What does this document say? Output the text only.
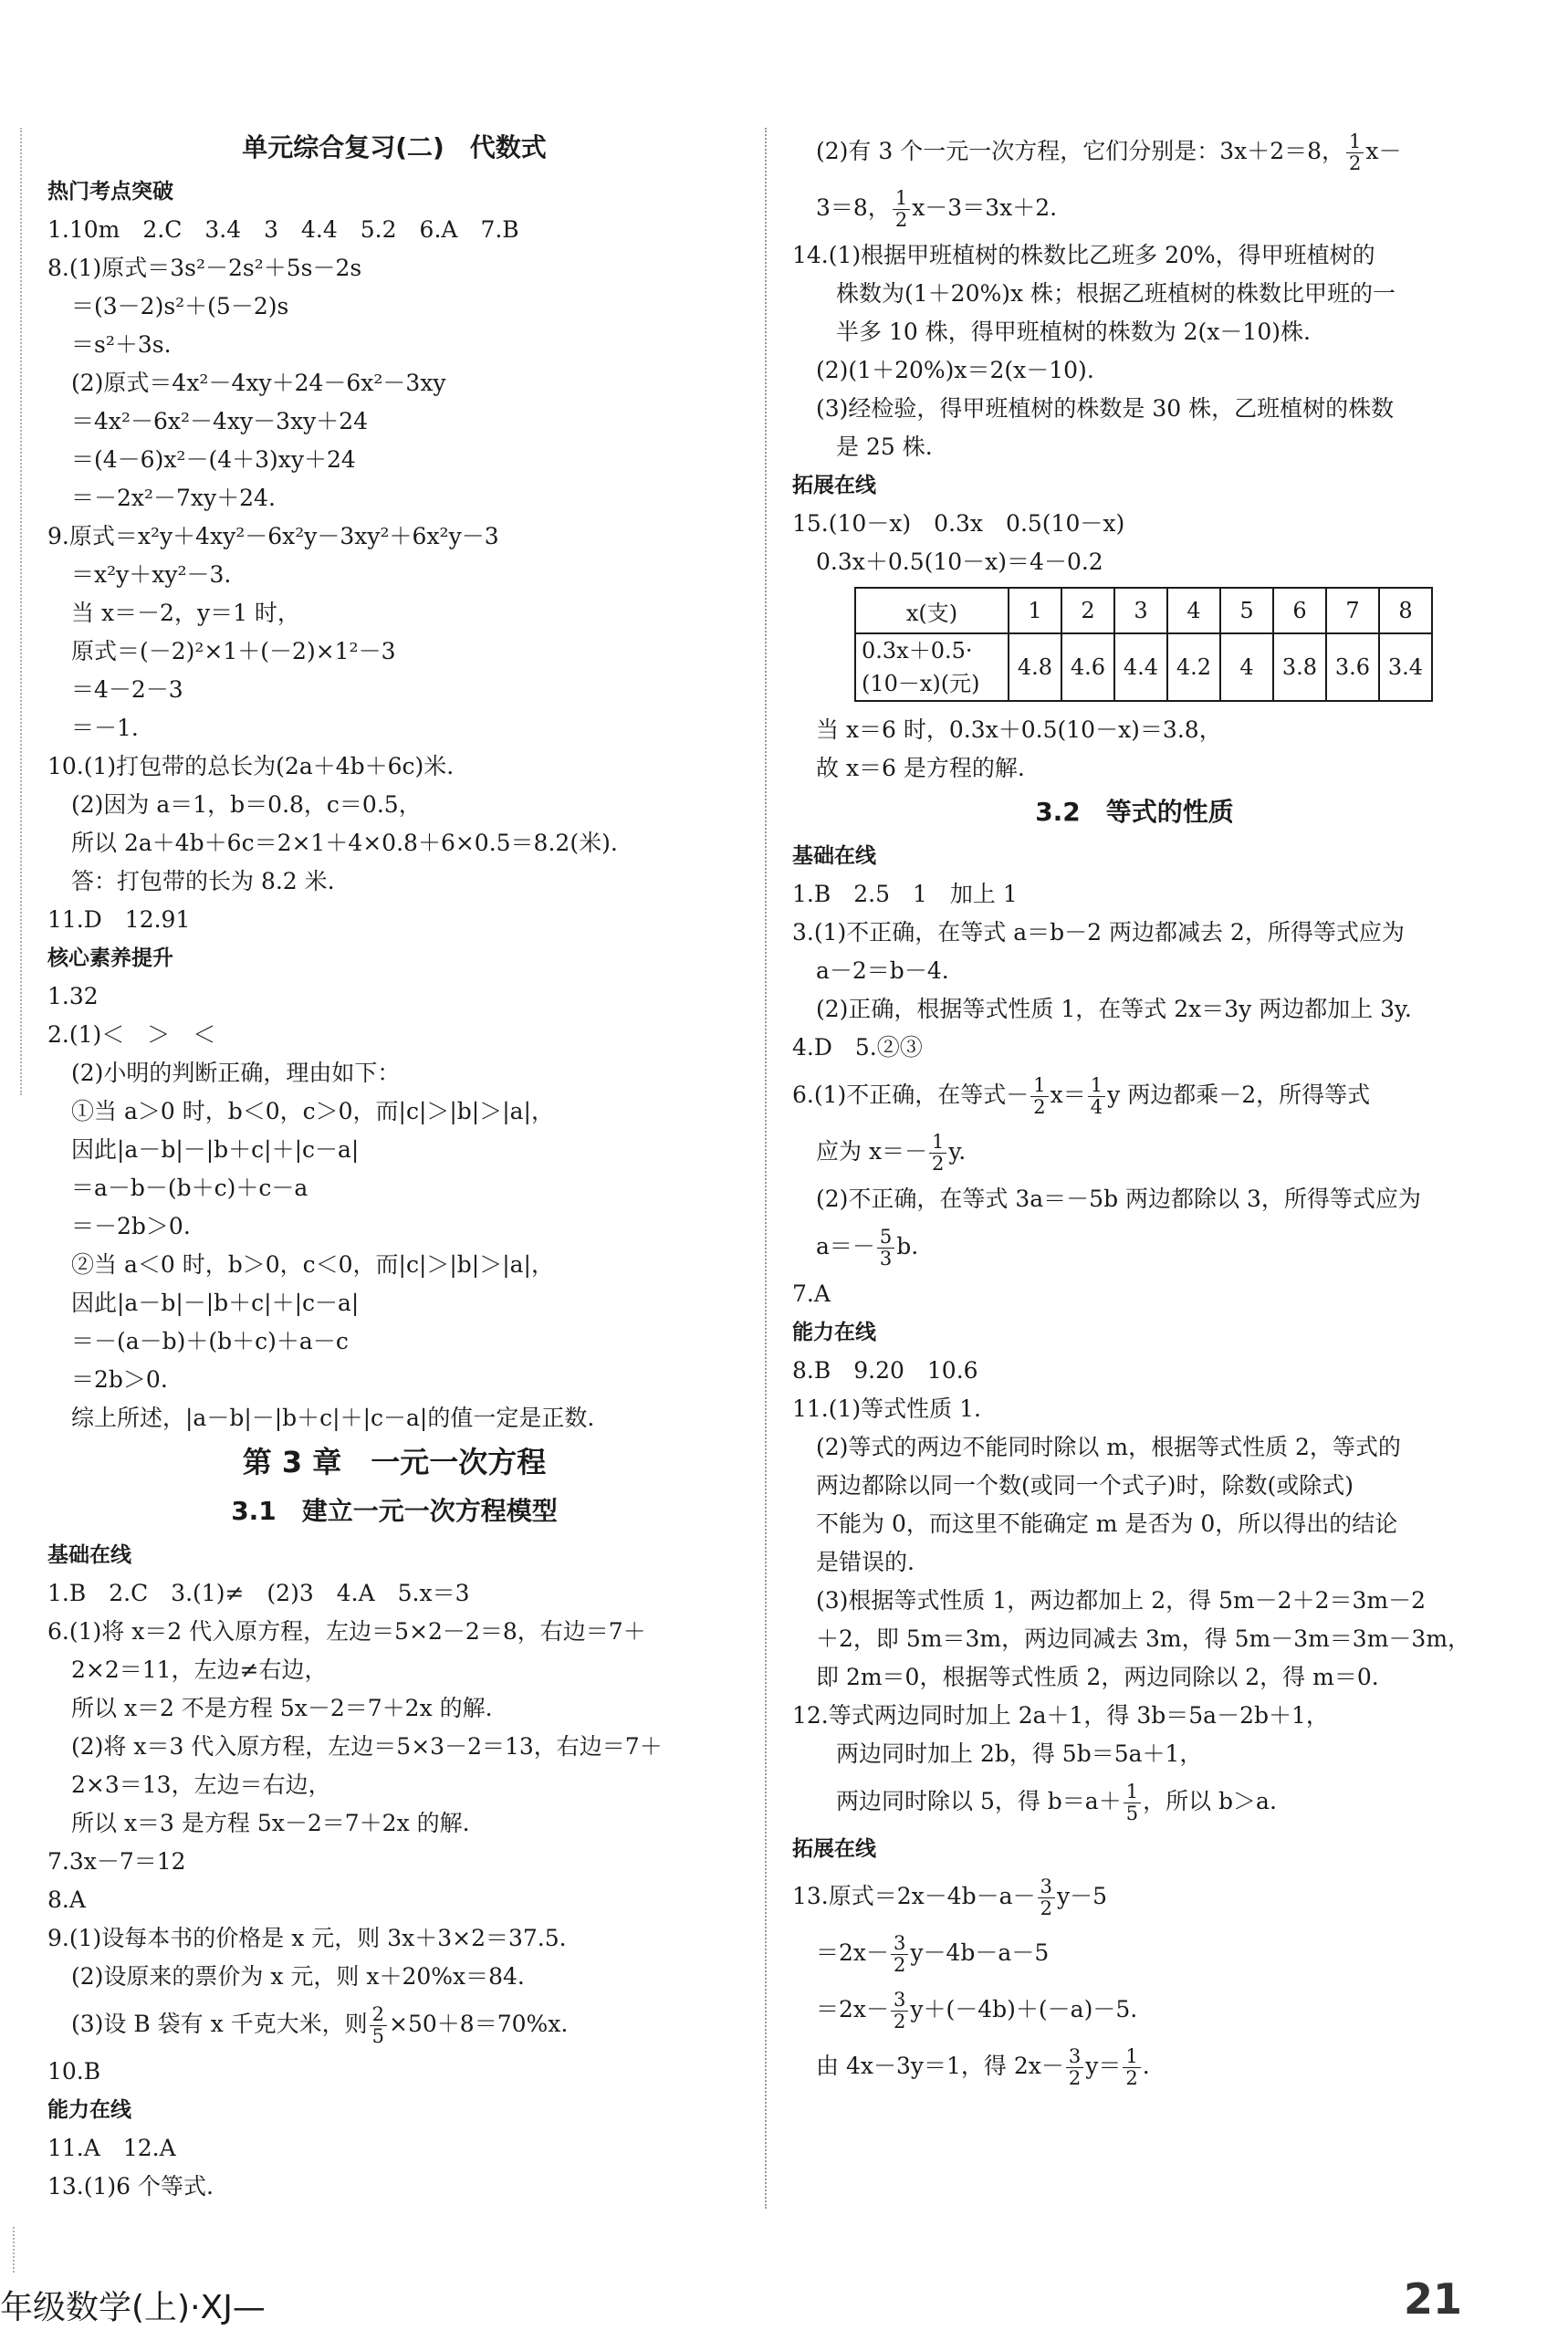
单元综合复习(二)　代数式
热门考点突破
1.10m　2.C　3.4　3　4.4　5.2　6.A　7.B
8.(1)原式＝3s²－2s²＋5s－2s
＝(3－2)s²＋(5－2)s
＝s²＋3s.
(2)原式＝4x²－4xy＋24－6x²－3xy
＝4x²－6x²－4xy－3xy＋24
＝(4－6)x²－(4＋3)xy＋24
＝－2x²－7xy＋24.
9.原式＝x²y＋4xy²－6x²y－3xy²＋6x²y－3
＝x²y＋xy²－3.
当 x＝－2，y＝1 时，
原式＝(－2)²×1＋(－2)×1²－3
＝4－2－3
＝－1.
10.(1)打包带的总长为(2a＋4b＋6c)米.
(2)因为 a＝1，b＝0.8，c＝0.5，
所以 2a＋4b＋6c＝2×1＋4×0.8＋6×0.5＝8.2(米).
答：打包带的长为 8.2 米.
11.D　12.91
核心素养提升
1.32
2.(1)＜　＞　＜
(2)小明的判断正确，理由如下：
①当 a＞0 时，b＜0，c＞0，而|c|＞|b|＞|a|，
因此|a－b|－|b＋c|＋|c－a|
＝a－b－(b＋c)＋c－a
＝－2b＞0.
②当 a＜0 时，b＞0，c＜0，而|c|＞|b|＞|a|，
因此|a－b|－|b＋c|＋|c－a|
＝－(a－b)＋(b＋c)＋a－c
＝2b＞0.
综上所述，|a－b|－|b＋c|＋|c－a|的值一定是正数.
第 3 章　一元一次方程
3.1　建立一元一次方程模型
基础在线
1.B　2.C　3.(1)≠　(2)3　4.A　5.x＝3
6.(1)将 x＝2 代入原方程，左边＝5×2－2＝8，右边＝7＋
2×2＝11，左边≠右边，
所以 x＝2 不是方程 5x－2＝7＋2x 的解.
(2)将 x＝3 代入原方程，左边＝5×3－2＝13，右边＝7＋
2×3＝13，左边＝右边，
所以 x＝3 是方程 5x－2＝7＋2x 的解.
7.3x－7＝12
8.A
9.(1)设每本书的价格是 x 元，则 3x＋3×2＝37.5.
(2)设原来的票价为 x 元，则 x＋20%x＝84.
(3)设 B 袋有 x 千克大米，则 $\frac{2}{5} \times 50+8=70\%x$.
10.B
能力在线
11.A　12.A
13.(1)6 个等式.
(2)有 3 个一元一次方程，它们分别是：3x＋2＝8， $\frac{1}{2} x-$
3＝8， $\frac{1}{2} x-3=3x+2$.
14.(1)根据甲班植树的株数比乙班多 20%，得甲班植树的
株数为(1＋20%)x 株；根据乙班植树的株数比甲班的一
半多 10 株，得甲班植树的株数为 2(x－10)株.
(2)(1＋20%)x＝2(x－10).
(3)经检验，得甲班植树的株数是 30 株，乙班植树的株数
是 25 株.
拓展在线
15.(10－x)　0.3x　0.5(10－x)
0.3x＋0.5(10－x)＝4－0.2
x(支)	1	2	3	4	5	6	7	8

0.3x＋0.5·
(10－x)(元)	4.8	4.6	4.4	4.2	4	3.8	3.6	3.4
当 x＝6 时，0.3x＋0.5(10－x)＝3.8，
故 x＝6 是方程的解.
3.2　等式的性质
基础在线
1.B　2.5　1　加上 1
3.(1)不正确，在等式 a＝b－2 两边都减去 2，所得等式应为
a－2＝b－4.
(2)正确，根据等式性质 1，在等式 2x＝3y 两边都加上 3y.
4.D　5.②③
6.(1)不正确，在等式－ $\frac{1}{2} x= \frac{1}{4}$ y 两边都乘－2，所得等式
应为 $x=- \frac{1}{2} y$.
(2)不正确，在等式 3a＝－5b 两边都除以 3，所得等式应为
$a=- \frac{5}{3} b$.
7.A
能力在线
8.B　9.20　10.6
11.(1)等式性质 1.
(2)等式的两边不能同时除以 m，根据等式性质 2，等式的
两边都除以同一个数(或同一个式子)时，除数(或除式)
不能为 0，而这里不能确定 m 是否为 0，所以得出的结论
是错误的.
(3)根据等式性质 1，两边都加上 2，得 5m－2＋2＝3m－2
＋2，即 5m＝3m，两边同减去 3m，得 5m－3m＝3m－3m，
即 2m＝0，根据等式性质 2，两边同除以 2，得 m＝0.
12.等式两边同时加上 2a＋1，得 3b＝5a－2b＋1，
两边同时加上 2b，得 5b＝5a＋1，
两边同时除以 5，得 $b=a+ \frac{1}{5}$ ，所以 b＞a.
拓展在线
13.原式$=2x-4b-a- \frac{3}{2} y-5$
$=2x- \frac{3}{2} y-4b-a-5$
$=2x- \frac{3}{2} y+(-4b)+(-a)-5$.
由 4x－3y＝1，得 $2x- \frac{3}{2} y= \frac{1}{2}$ .
年级数学(上)·XJ—	21
